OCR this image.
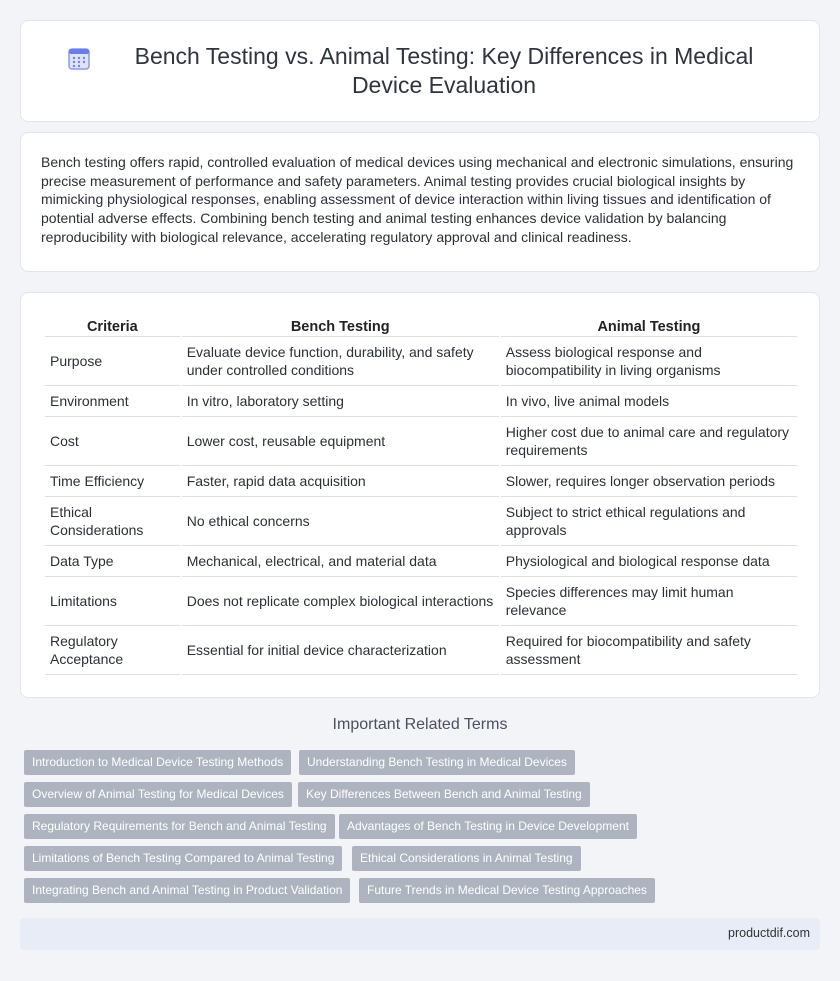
Bench Testing vs. Animal Testing: Key Differences in Medical Device Evaluation

Bench testing offers rapid, controlled evaluation of medical devices using mechanical and electronic simulations, ensuring precise measurement of performance and safety parameters. Animal testing provides crucial biological insights by mimicking physiological responses, enabling assessment of device interaction within living tissues and identification of potential adverse effects. Combining bench testing and animal testing enhances device validation by balancing reproducibility with biological relevance, accelerating regulatory approval and clinical readiness.

Criteria	Bench Testing	Animal Testing
Purpose	Evaluate device function, durability, and safety under controlled conditions	Assess biological response and biocompatibility in living organisms
Environment	In vitro, laboratory setting	In vivo, live animal models
Cost	Lower cost, reusable equipment	Higher cost due to animal care and regulatory requirements
Time Efficiency	Faster, rapid data acquisition	Slower, requires longer observation periods
Ethical Considerations	No ethical concerns	Subject to strict ethical regulations and approvals
Data Type	Mechanical, electrical, and material data	Physiological and biological response data
Limitations	Does not replicate complex biological interactions	Species differences may limit human relevance
Regulatory Acceptance	Essential for initial device characterization	Required for biocompatibility and safety assessment
Important Related Terms
Introduction to Medical Device Testing Methods	Understanding Bench Testing in Medical Devices
Overview of Animal Testing for Medical Devices	Key Differences Between Bench and Animal Testing
Regulatory Requirements for Bench and Animal Testing	Advantages of Bench Testing in Device Development
Limitations of Bench Testing Compared to Animal Testing	Ethical Considerations in Animal Testing
Integrating Bench and Animal Testing in Product Validation	Future Trends in Medical Device Testing Approaches
productdif.com
